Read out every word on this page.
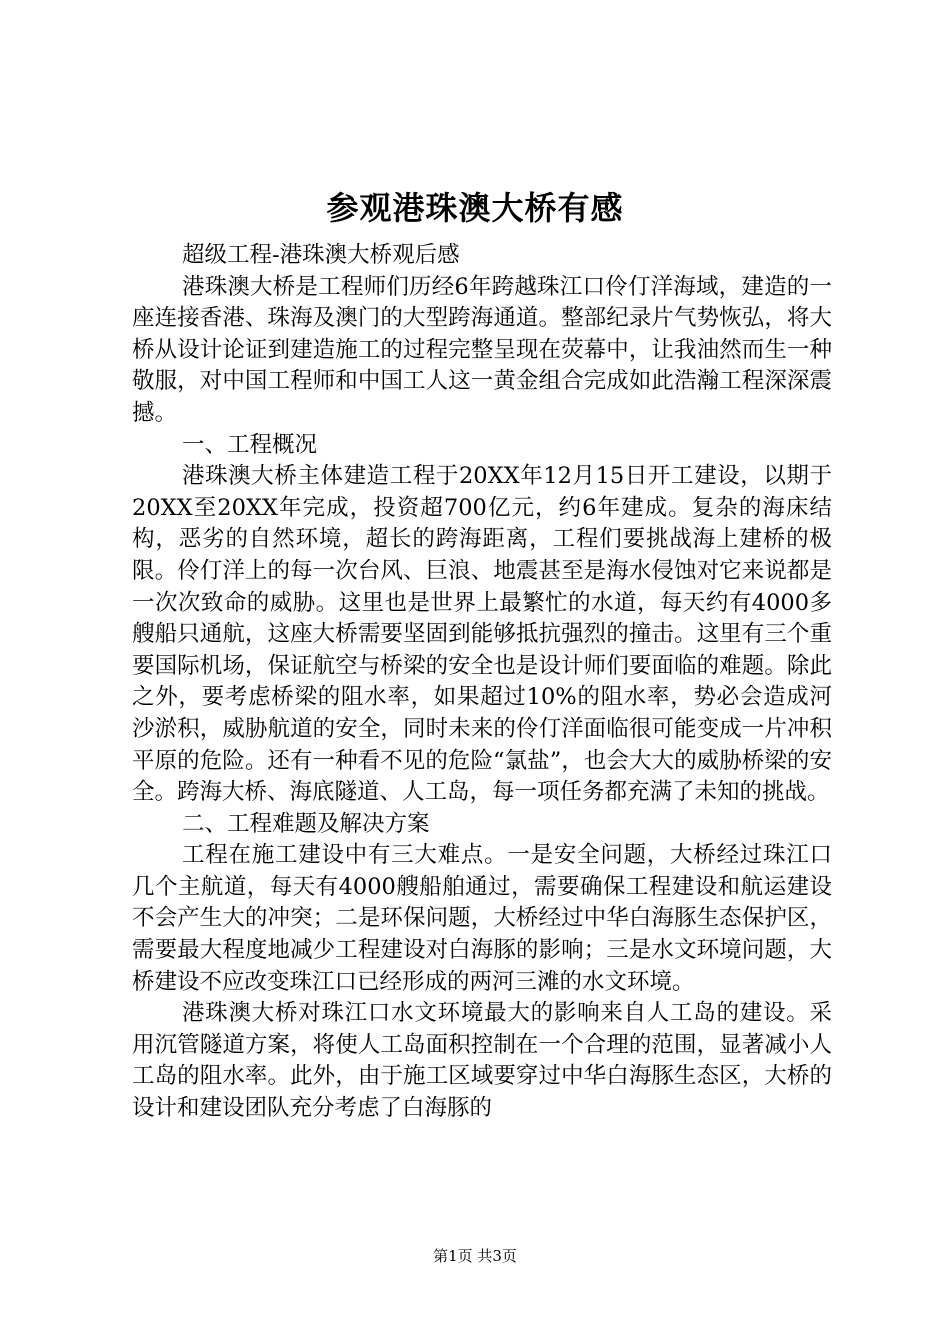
参观港珠澳大桥有感

超级工程-港珠澳大桥观后感

港珠澳大桥是工程师们历经6年跨越珠江口伶仃洋海域，建造的一座连接香港、珠海及澳门的大型跨海通道。整部纪录片气势恢弘，将大桥从设计论证到建造施工的过程完整呈现在荧幕中，让我油然而生一种敬服，对中国工程师和中国工人这一黄金组合完成如此浩瀚工程深深震撼。

一、工程概况

港珠澳大桥主体建造工程于20XX年12月15日开工建设，以期于20XX至20XX年完成，投资超700亿元，约6年建成。复杂的海床结构，恶劣的自然环境，超长的跨海距离，工程们要挑战海上建桥的极限。伶仃洋上的每一次台风、巨浪、地震甚至是海水侵蚀对它来说都是一次次致命的威胁。这里也是世界上最繁忙的水道，每天约有4000多艘船只通航，这座大桥需要坚固到能够抵抗强烈的撞击。这里有三个重要国际机场，保证航空与桥梁的安全也是设计师们要面临的难题。除此之外，要考虑桥梁的阻水率，如果超过10%的阻水率，势必会造成河沙淤积，威胁航道的安全，同时未来的伶仃洋面临很可能变成一片冲积平原的危险。还有一种看不见的危险“氯盐”，也会大大的威胁桥梁的安全。跨海大桥、海底隧道、人工岛，每一项任务都充满了未知的挑战。

二、工程难题及解决方案

工程在施工建设中有三大难点。一是安全问题，大桥经过珠江口几个主航道，每天有4000艘船舶通过，需要确保工程建设和航运建设不会产生大的冲突；二是环保问题，大桥经过中华白海豚生态保护区，需要最大程度地减少工程建设对白海豚的影响；三是水文环境问题，大桥建设不应改变珠江口已经形成的两河三滩的水文环境。

港珠澳大桥对珠江口水文环境最大的影响来自人工岛的建设。采用沉管隧道方案，将使人工岛面积控制在一个合理的范围，显著减小人工岛的阻水率。此外，由于施工区域要穿过中华白海豚生态区，大桥的设计和建设团队充分考虑了白海豚的

第1页 共3页
